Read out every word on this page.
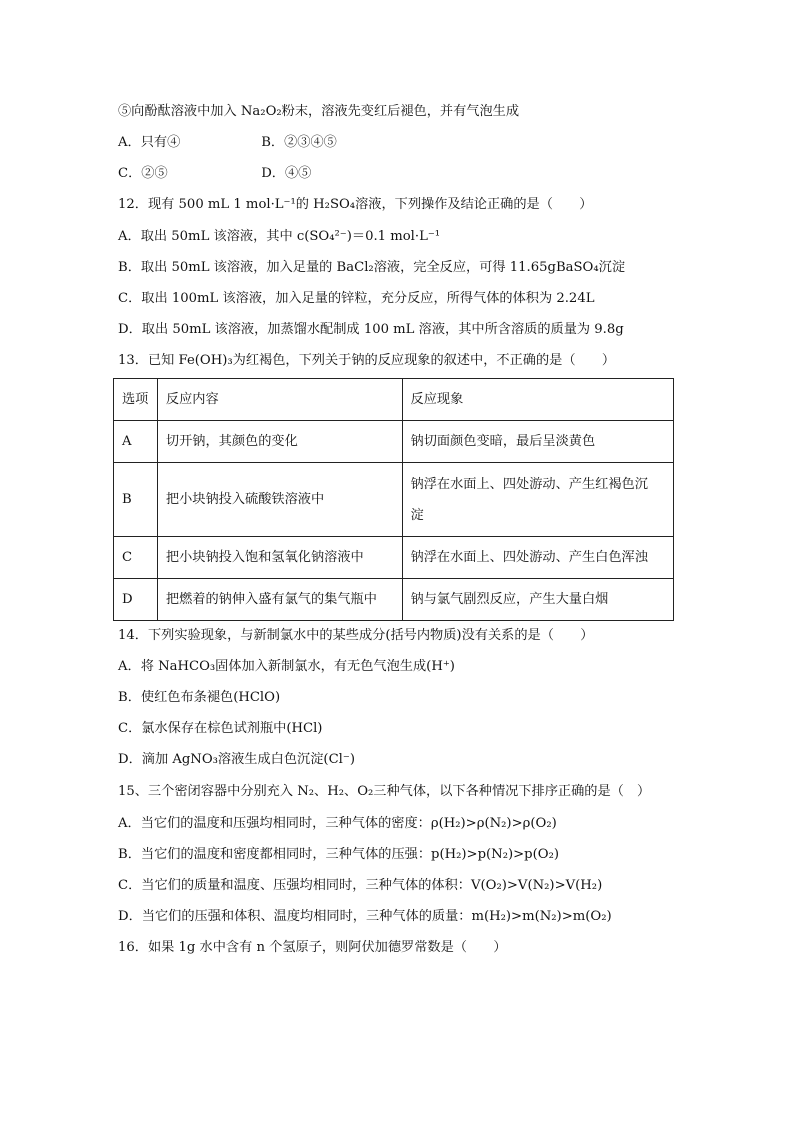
⑤向酚酞溶液中加入 Na₂O₂粉末，溶液先变红后褪色，并有气泡生成
A．只有④	B．②③④⑤
C．②⑤	D．④⑤
12．现有 500 mL 1 mol·L⁻¹的 H₂SO₄溶液，下列操作及结论正确的是（　　）
A．取出 50mL 该溶液，其中 c(SO₄²⁻)＝0.1 mol·L⁻¹
B．取出 50mL 该溶液，加入足量的 BaCl₂溶液，完全反应，可得 11.65gBaSO₄沉淀
C．取出 100mL 该溶液，加入足量的锌粒，充分反应，所得气体的体积为 2.24L
D．取出 50mL 该溶液，加蒸馏水配制成 100 mL 溶液，其中所含溶质的质量为 9.8g
13．已知 Fe(OH)₃为红褐色，下列关于钠的反应现象的叙述中，不正确的是（　　）
选项	反应内容	反应现象
A	切开钠，其颜色的变化	钠切面颜色变暗，最后呈淡黄色
B	把小块钠投入硫酸铁溶液中	钠浮在水面上、四处游动、产生红褐色沉
淀

C	把小块钠投入饱和氢氧化钠溶液中	钠浮在水面上、四处游动、产生白色浑浊
D	把燃着的钠伸入盛有氯气的集气瓶中	钠与氯气剧烈反应，产生大量白烟
14．下列实验现象，与新制氯水中的某些成分(括号内物质)没有关系的是（　　）
A．将 NaHCO₃固体加入新制氯水，有无色气泡生成(H⁺)
B．使红色布条褪色(HClO)
C．氯水保存在棕色试剂瓶中(HCl)
D．滴加 AgNO₃溶液生成白色沉淀(Cl⁻)
15、三个密闭容器中分别充入 N₂、H₂、O₂三种气体，以下各种情况下排序正确的是（　）
A．当它们的温度和压强均相同时，三种气体的密度：ρ(H₂)>ρ(N₂)>ρ(O₂)
B．当它们的温度和密度都相同时，三种气体的压强：p(H₂)>p(N₂)>p(O₂)
C．当它们的质量和温度、压强均相同时，三种气体的体积：V(O₂)>V(N₂)>V(H₂)
D．当它们的压强和体积、温度均相同时，三种气体的质量：m(H₂)>m(N₂)>m(O₂)
16．如果 1g 水中含有 n 个氢原子，则阿伏加德罗常数是（　　）
